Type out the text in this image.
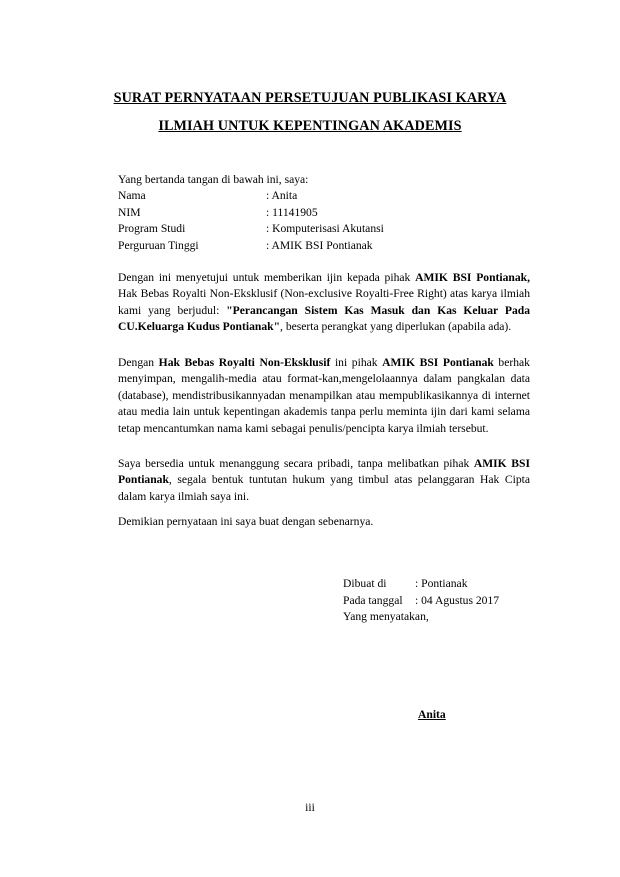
SURAT PERNYATAAN PERSETUJUAN PUBLIKASI KARYA
ILMIAH UNTUK KEPENTINGAN AKADEMIS
Yang bertanda tangan di bawah ini, saya:
Nama	: Anita
NIM	: 11141905
Program Studi	: Komputerisasi Akutansi
Perguruan Tinggi	: AMIK BSI Pontianak

Dengan ini menyetujui untuk memberikan ijin kepada pihak AMIK BSI Pontianak, Hak Bebas Royalti Non-Eksklusif (Non-exclusive Royalti-Free Right) atas karya ilmiah kami yang berjudul: "Perancangan Sistem Kas Masuk dan Kas Keluar Pada CU.Keluarga Kudus Pontianak", beserta perangkat yang diperlukan (apabila ada).

Dengan Hak Bebas Royalti Non-Eksklusif ini pihak AMIK BSI Pontianak berhak menyimpan, mengalih-media atau format-kan,mengelolaannya dalam pangkalan data (database), mendistribusikannyadan menampilkan atau mempublikasikannya di internet atau media lain untuk kepentingan akademis tanpa perlu meminta ijin dari kami selama tetap mencantumkan nama kami sebagai penulis/pencipta karya ilmiah tersebut.

Saya bersedia untuk menanggung secara pribadi, tanpa melibatkan pihak AMIK BSI Pontianak, segala bentuk tuntutan hukum yang timbul atas pelanggaran Hak Cipta dalam karya ilmiah saya ini.

Demikian pernyataan ini saya buat dengan sebenarnya.

Dibuat di	: Pontianak
Pada tanggal	: 04 Agustus 2017
Yang menyatakan,
Anita
iii
